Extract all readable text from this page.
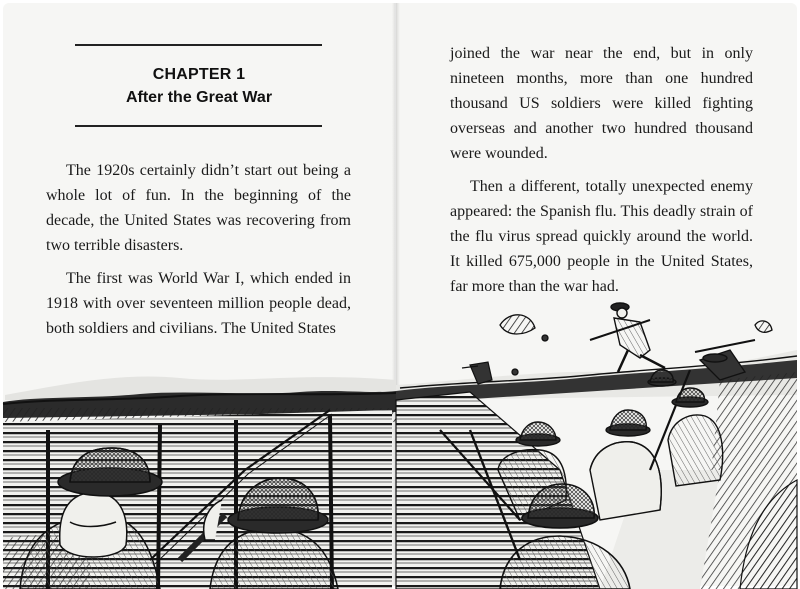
CHAPTER 1
After the Great War

The 1920s certainly didn’t start out being a whole lot of fun. In the beginning of the decade, the United States was recovering from two terrible disasters.

The first was World War I, which ended in 1918 with over seventeen million people dead, both soldiers and civilians. The United States

joined the war near the end, but in only nineteen months, more than one hundred thousand US soldiers were killed fighting overseas and another two hundred thousand were wounded.

Then a different, totally unexpected enemy appeared: the Spanish flu. This deadly strain of the flu virus spread quickly around the world. It killed 675,000 people in the United States, far more than the war had.
